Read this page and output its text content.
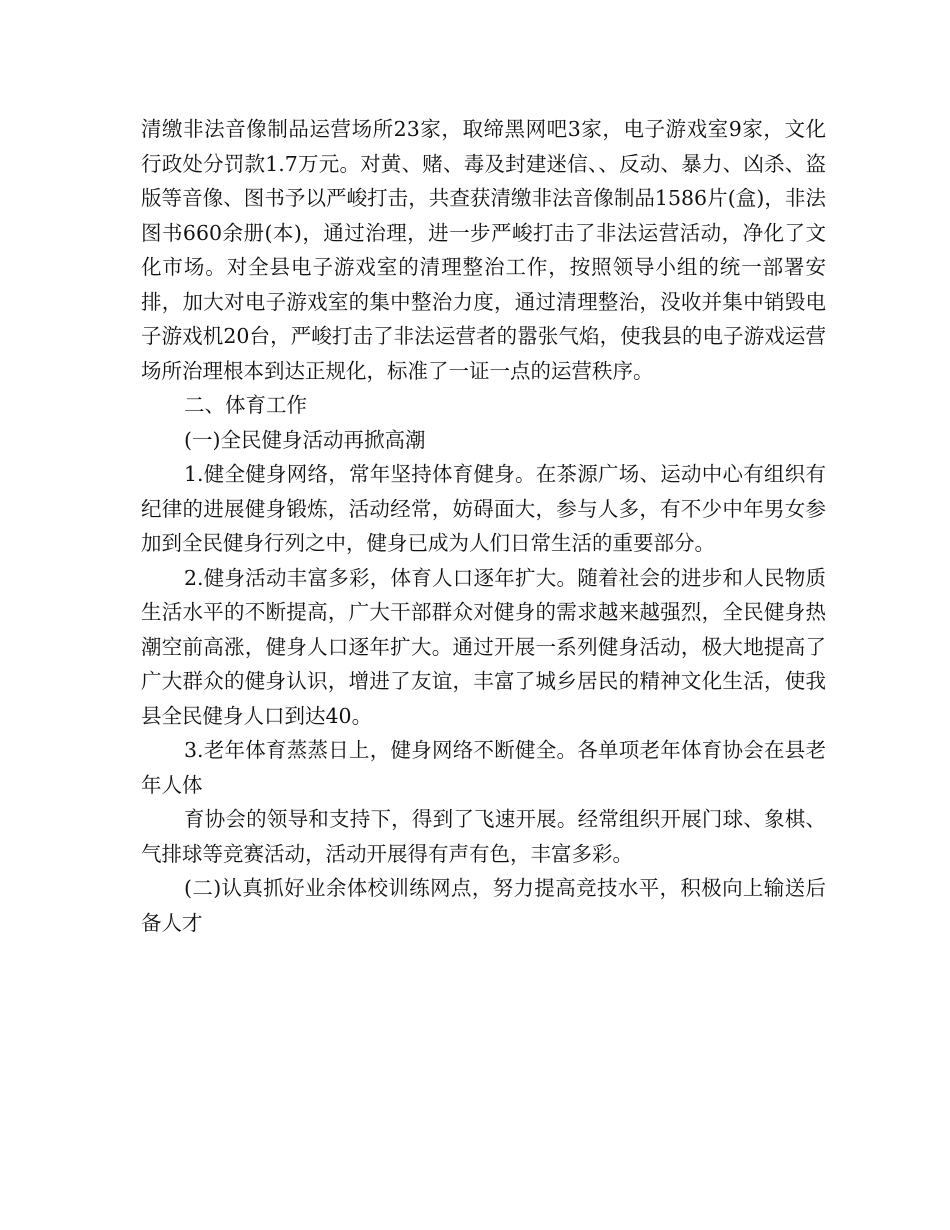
清缴非法音像制品运营场所23家，取缔黑网吧3家，电子游戏室9家，文化行政处分罚款1.7万元。对黄、赌、毒及封建迷信、、反动、暴力、凶杀、盗版等音像、图书予以严峻打击，共查获清缴非法音像制品1586片(盒)，非法图书660余册(本)，通过治理，进一步严峻打击了非法运营活动，净化了文化市场。对全县电子游戏室的清理整治工作，按照领导小组的统一部署安排，加大对电子游戏室的集中整治力度，通过清理整治，没收并集中销毁电子游戏机20台，严峻打击了非法运营者的嚣张气焰，使我县的电子游戏运营场所治理根本到达正规化，标准了一证一点的运营秩序。

二、体育工作

(一)全民健身活动再掀高潮

1.健全健身网络，常年坚持体育健身。在茶源广场、运动中心有组织有纪律的进展健身锻炼，活动经常，妨碍面大，参与人多，有不少中年男女参加到全民健身行列之中，健身已成为人们日常生活的重要部分。

2.健身活动丰富多彩，体育人口逐年扩大。随着社会的进步和人民物质生活水平的不断提高，广大干部群众对健身的需求越来越强烈，全民健身热潮空前高涨，健身人口逐年扩大。通过开展一系列健身活动，极大地提高了广大群众的健身认识，增进了友谊，丰富了城乡居民的精神文化生活，使我县全民健身人口到达40。

3.老年体育蒸蒸日上，健身网络不断健全。各单项老年体育协会在县老年人体

育协会的领导和支持下，得到了飞速开展。经常组织开展门球、象棋、气排球等竞赛活动，活动开展得有声有色，丰富多彩。

(二)认真抓好业余体校训练网点，努力提高竞技水平，积极向上输送后备人才
